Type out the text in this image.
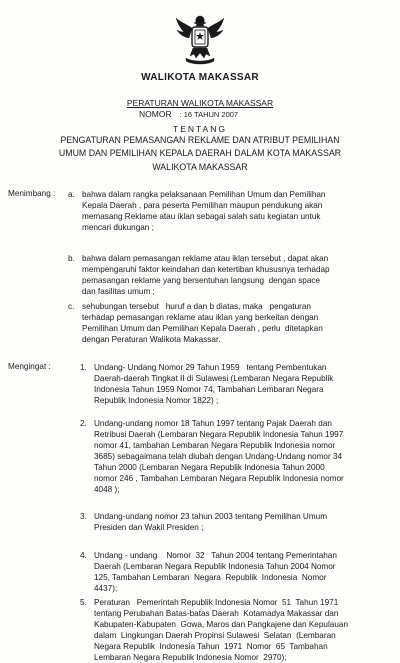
WALIKOTA MAKASSAR
PERATURAN WALIKOTA MAKASSAR
NOMOR : 16 TAHUN 2007
TENTANG
PENGATURAN PEMASANGAN REKLAME DAN ATRIBUT PEMILIHAN
UMUM DAN PEMILIHAN KEPALA DAERAH DALAM KOTA MAKASSAR
WALIKOTA MAKASSAR
Menimbang :
Mengingat :
a. bahwa dalam rangka pelaksanaan Pemilihan Umum dan Pemilihan
Kepala Daerah , para peserta Pemilihan maupun pendukung akan
memasang Reklame atau iklan sebagai salah satu kegiatan untuk
mencari dukungan ;
b. bahwa dalam pemasangan reklame atau iklan tersebut , dapat akan
mempengaruhi faktor keindahan dan ketertiban khususnya terhadap
pemasangan reklame yang bersentuhan langsung  dengan space
dan fasilitas umum ;
c. sehubungan tersebut   huruf a dan b diatas, maka   pengaturan
terhadap pemasangan reklame atau iklan yang berkeitan dengan
Pemilihan Umum dan Pemilihan Kepala Daerah , perlu  ditetapkan
dengan Peraturan Walikota Makassar.
1. Undang- Undang Nomor 29 Tahun 1959   tentang Pembentukan
Daerah-daerah Tingkat II di Sulawesi (Lembaran Negara Republik
Indonesia Tahun 1959 Nomor 74, Tambahan Lembaran Negara
Republik Indonesia Nomor 1822) ;
2. Undang-undang nomor 18 Tahun 1997 tentang Pajak Daerah dan
Retribusi Daerah (Lembaran Negara Republik Indonesia Tahun 1997
nomor 41, tambahan Lembaran Negara Republik Indonesia nomor
3685) sebagaimana telah diubah dengan Undang-Undang nomor 34
Tahun 2000 (Lembaran Negara Republik Indonesia Tahun 2000
nomor 246 , Tambahan Lembaran Negara Republik Indonesia nomor
4048 );
3. Undang-undang nomor 23 tahun 2003 tentang Pemilihan Umum
Presiden dan Wakil Presiden ;
4. Undang - undang    Nomor  32   Tahun 2004 tentang Pemerintahan
Daerah (Lembaran Negara Republik Indonesia Tahun 2004 Nomor
125, Tambahan Lembaran  Negara  Republik  Indonesia  Nomor
4437);
5. Peraturan   Pemerintah Republik Indonesia Nomor  51  Tahun 1971
tentang Perubahan Batas-batas Daerah  Kotamadya Makassar dan
Kabupaten-Kabupaten  Gowa, Maros dan Pangkajene dan Kepulauan
dalam  Lingkungan Daerah Propinsi Sulawesi  Selatan  (Lembaran
Negara Republik  Indonesia Tahun  1971  Nomor  65  Tambahan
Lembaran Negara Republik Indonesia Nomor  2970);
